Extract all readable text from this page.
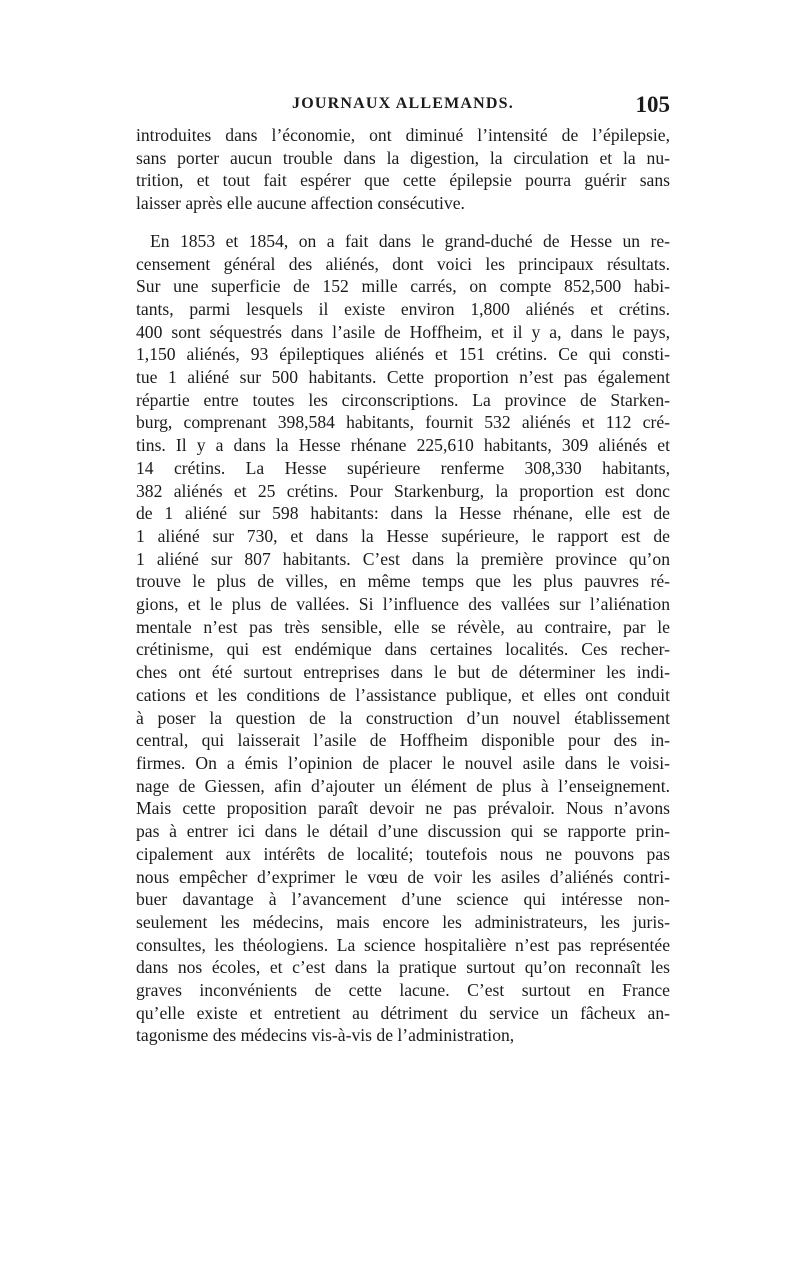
JOURNAUX ALLEMANDS.	105
introduites dans l’économie, ont diminué l’intensité de l’épilepsie,
sans porter aucun trouble dans la digestion, la circulation et la nu-
trition, et tout fait espérer que cette épilepsie pourra guérir sans
laisser après elle aucune affection consécutive.
En 1853 et 1854, on a fait dans le grand-duché de Hesse un re-
censement général des aliénés, dont voici les principaux résultats.
Sur une superficie de 152 mille carrés, on compte 852,500 habi-
tants, parmi lesquels il existe environ 1,800 aliénés et crétins.
400 sont séquestrés dans l’asile de Hoffheim, et il y a, dans le pays,
1,150 aliénés, 93 épileptiques aliénés et 151 crétins. Ce qui consti-
tue 1 aliéné sur 500 habitants. Cette proportion n’est pas également
répartie entre toutes les circonscriptions. La province de Starken-
burg, comprenant 398,584 habitants, fournit 532 aliénés et 112 cré-
tins. Il y a dans la Hesse rhénane 225,610 habitants, 309 aliénés et
14 crétins. La Hesse supérieure renferme 308,330 habitants,
382 aliénés et 25 crétins. Pour Starkenburg, la proportion est donc
de 1 aliéné sur 598 habitants: dans la Hesse rhénane, elle est de
1 aliéné sur 730, et dans la Hesse supérieure, le rapport est de
1 aliéné sur 807 habitants. C’est dans la première province qu’on
trouve le plus de villes, en même temps que les plus pauvres ré-
gions, et le plus de vallées. Si l’influence des vallées sur l’aliénation
mentale n’est pas très sensible, elle se révèle, au contraire, par le
crétinisme, qui est endémique dans certaines localités. Ces recher-
ches ont été surtout entreprises dans le but de déterminer les indi-
cations et les conditions de l’assistance publique, et elles ont conduit
à poser la question de la construction d’un nouvel établissement
central, qui laisserait l’asile de Hoffheim disponible pour des in-
firmes. On a émis l’opinion de placer le nouvel asile dans le voisi-
nage de Giessen, afin d’ajouter un élément de plus à l’enseignement.
Mais cette proposition paraît devoir ne pas prévaloir. Nous n’avons
pas à entrer ici dans le détail d’une discussion qui se rapporte prin-
cipalement aux intérêts de localité; toutefois nous ne pouvons pas
nous empêcher d’exprimer le vœu de voir les asiles d’aliénés contri-
buer davantage à l’avancement d’une science qui intéresse non-
seulement les médecins, mais encore les administrateurs, les juris-
consultes, les théologiens. La science hospitalière n’est pas représentée
dans nos écoles, et c’est dans la pratique surtout qu’on reconnaît les
graves inconvénients de cette lacune. C’est surtout en France
qu’elle existe et entretient au détriment du service un fâcheux an-
tagonisme des médecins vis-à-vis de l’administration,
